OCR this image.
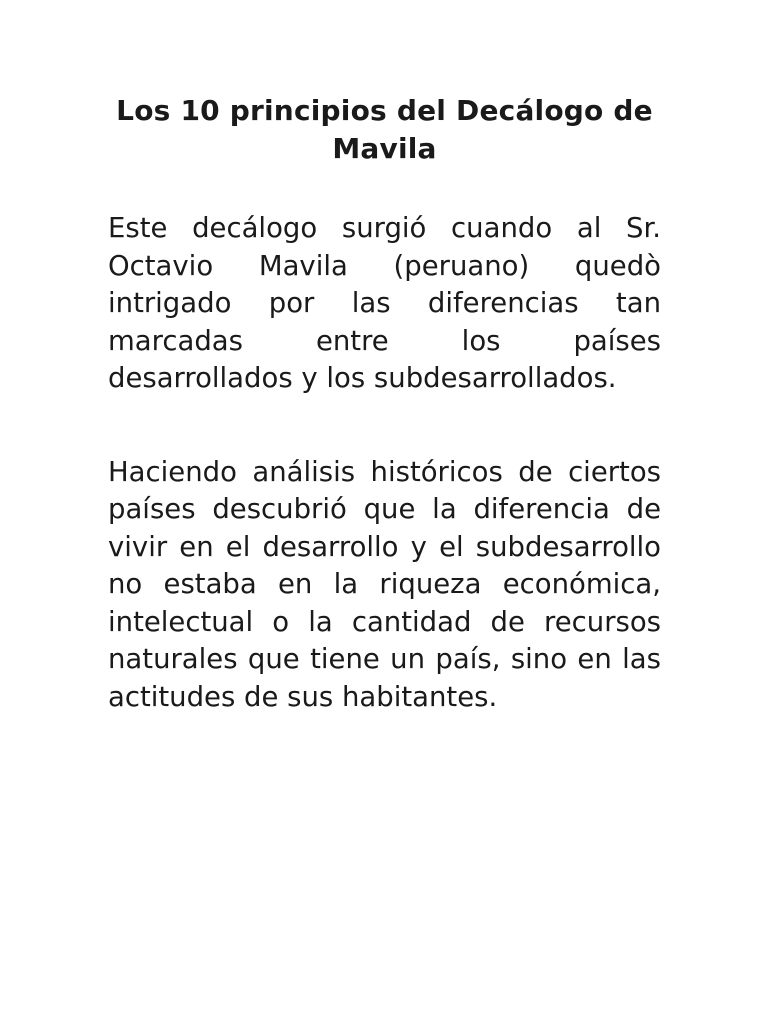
Los 10 principios del Decálogo de Mavila

Este decálogo surgió cuando al Sr. Octavio Mavila (peruano) quedò intrigado por las diferencias tan marcadas entre los países desarrollados y los subdesarrollados.

Haciendo análisis históricos de ciertos países descubrió que la diferencia de vivir en el desarrollo y el subdesarrollo no estaba en la riqueza económica, intelectual o la cantidad de recursos naturales que tiene un país, sino en las actitudes de sus habitantes.
